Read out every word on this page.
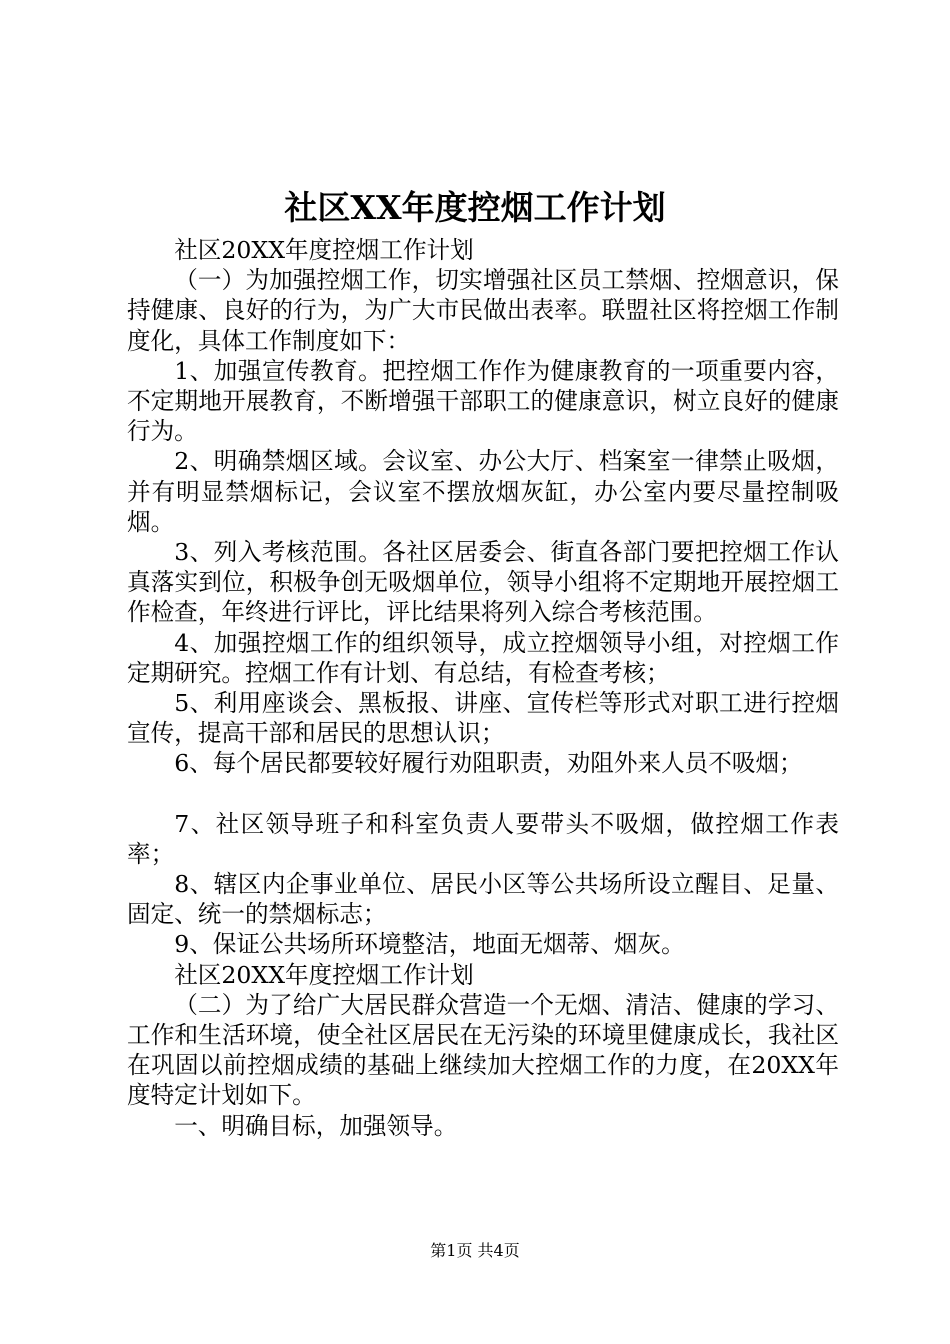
社区XX年度控烟工作计划

社区20XX年度控烟工作计划

（一）为加强控烟工作，切实增强社区员工禁烟、控烟意识，保持健康、良好的行为，为广大市民做出表率。联盟社区将控烟工作制度化，具体工作制度如下：

1、加强宣传教育。把控烟工作作为健康教育的一项重要内容，不定期地开展教育，不断增强干部职工的健康意识，树立良好的健康行为。

2、明确禁烟区域。会议室、办公大厅、档案室一律禁止吸烟，并有明显禁烟标记，会议室不摆放烟灰缸，办公室内要尽量控制吸烟。

3、列入考核范围。各社区居委会、街直各部门要把控烟工作认真落实到位，积极争创无吸烟单位，领导小组将不定期地开展控烟工作检查，年终进行评比，评比结果将列入综合考核范围。

4、加强控烟工作的组织领导，成立控烟领导小组，对控烟工作定期研究。控烟工作有计划、有总结，有检查考核；

5、利用座谈会、黑板报、讲座、宣传栏等形式对职工进行控烟宣传，提高干部和居民的思想认识；

6、每个居民都要较好履行劝阻职责，劝阻外来人员不吸烟；

7、社区领导班子和科室负责人要带头不吸烟，做控烟工作表率；

8、辖区内企事业单位、居民小区等公共场所设立醒目、足量、固定、统一的禁烟标志；

9、保证公共场所环境整洁，地面无烟蒂、烟灰。

社区20XX年度控烟工作计划

（二）为了给广大居民群众营造一个无烟、清洁、健康的学习、工作和生活环境，使全社区居民在无污染的环境里健康成长，我社区在巩固以前控烟成绩的基础上继续加大控烟工作的力度，在20XX年度特定计划如下。

一、明确目标，加强领导。

第1页 共4页
